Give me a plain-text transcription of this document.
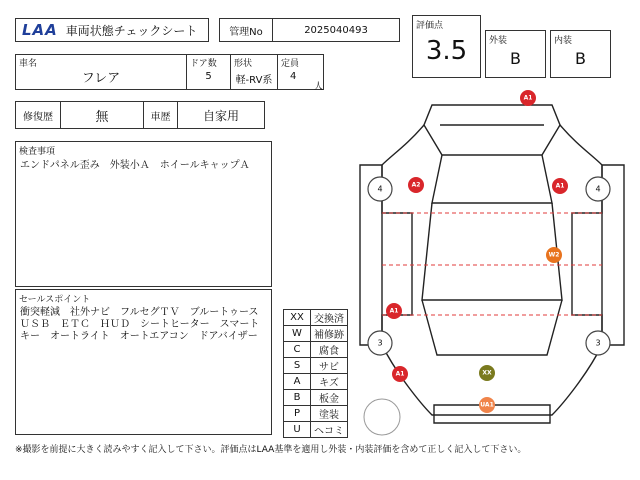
LAA 車両状態チェックシート	管理No	2025040493	評価点
3.5	外装
B
内装
B
車名
フレア
ドア数
5
形状
軽-RV系
定員
4
人
修復歴	無	車歴	自家用
検査事項
エンドパネル歪み　外装小Ａ　ホイールキャップＡ
セールスポイント
衝突軽減　社外ナビ　フルセグＴＶ　ブルートゥース　ＵＳＢ　ＥＴＣ　ＨＵＤ　シートヒーター　スマートキー　オートライト　オートエアコン　ドアバイザー
XX	交換済
W	補修跡
C	腐食
S	サビ
A	キズ
B	板金
P	塗装
U	ヘコミ
4	4
3	3
A1
A2	A1
W2
A1
A1	XX
UA1
※撮影を前提に大きく読みやすく記入して下さい。評価点はLAA基準を適用し外装・内装評価を含めて正しく記入して下さい。
